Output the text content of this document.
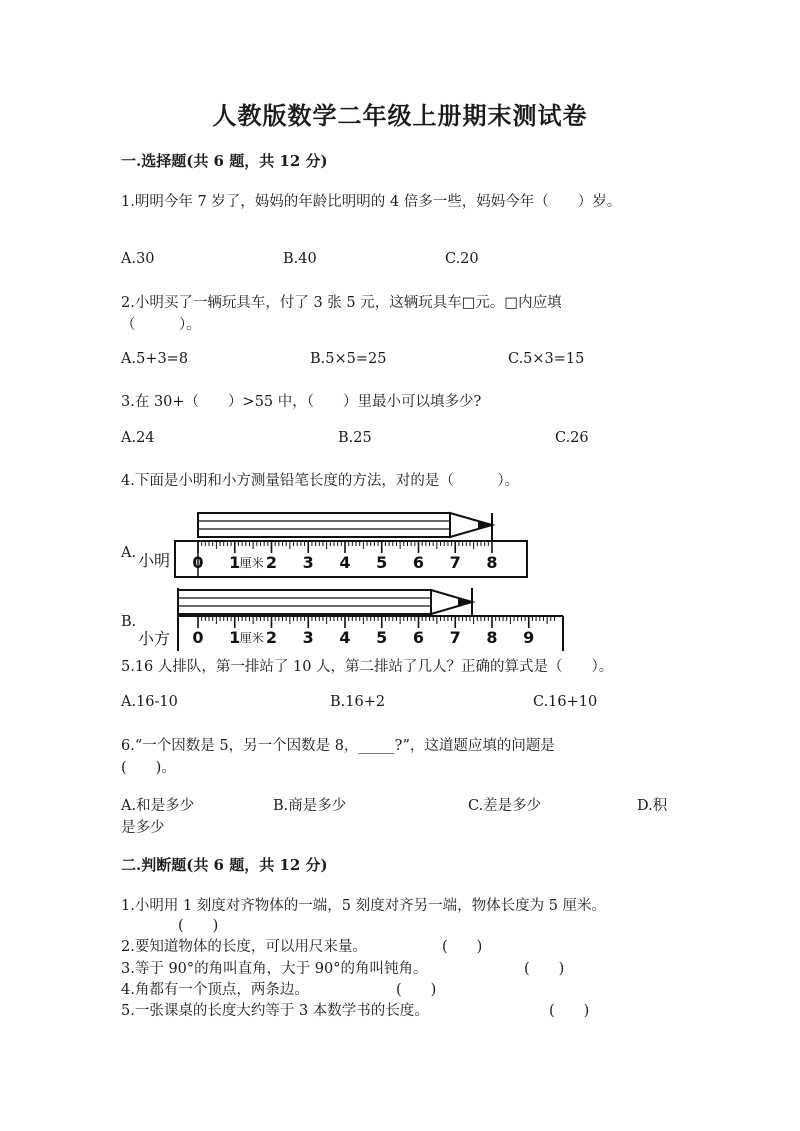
人教版数学二年级上册期末测试卷
一.选择题(共 6 题，共 12 分)
1.明明今年 7 岁了，妈妈的年龄比明明的 4 倍多一些，妈妈今年（　　）岁。
A.30	B.40	C.20
2.小明买了一辆玩具车，付了 3 张 5 元，这辆玩具车□元。□内应填
（　　　）。
A.5+3=8	B.5×5=25	C.5×3=15
3.在 30+（　　）>55 中，（　　）里最小可以填多少?
A.24	B.25	C.26
4.下面是小明和小方测量铅笔长度的方法，对的是（　　　）。
A.
B.
0 1 厘米 2 3 4 5 6 7 8
小明
0 1 厘米 2 3 4 5 6 7 8 9
小方
5.16 人排队，第一排站了 10 人，第二排站了几人？正确的算式是（　　）。
A.16-10	B.16+2	C.16+10
6.“一个因数是 5，另一个因数是 8，_____?”，这道题应填的问题是
(　　)。
A.和是多少	B.商是多少	C.差是多少	D.积
是多少
二.判断题(共 6 题，共 12 分)
1.小明用 1 刻度对齐物体的一端，5 刻度对齐另一端，物体长度为 5 厘米。
(　　)
2.要知道物体的长度，可以用尺来量。	(　　)
3.等于 90°的角叫直角，大于 90°的角叫钝角。	(　　)
4.角都有一个顶点，两条边。	(　　)
5.一张课桌的长度大约等于 3 本数学书的长度。	(　　)
